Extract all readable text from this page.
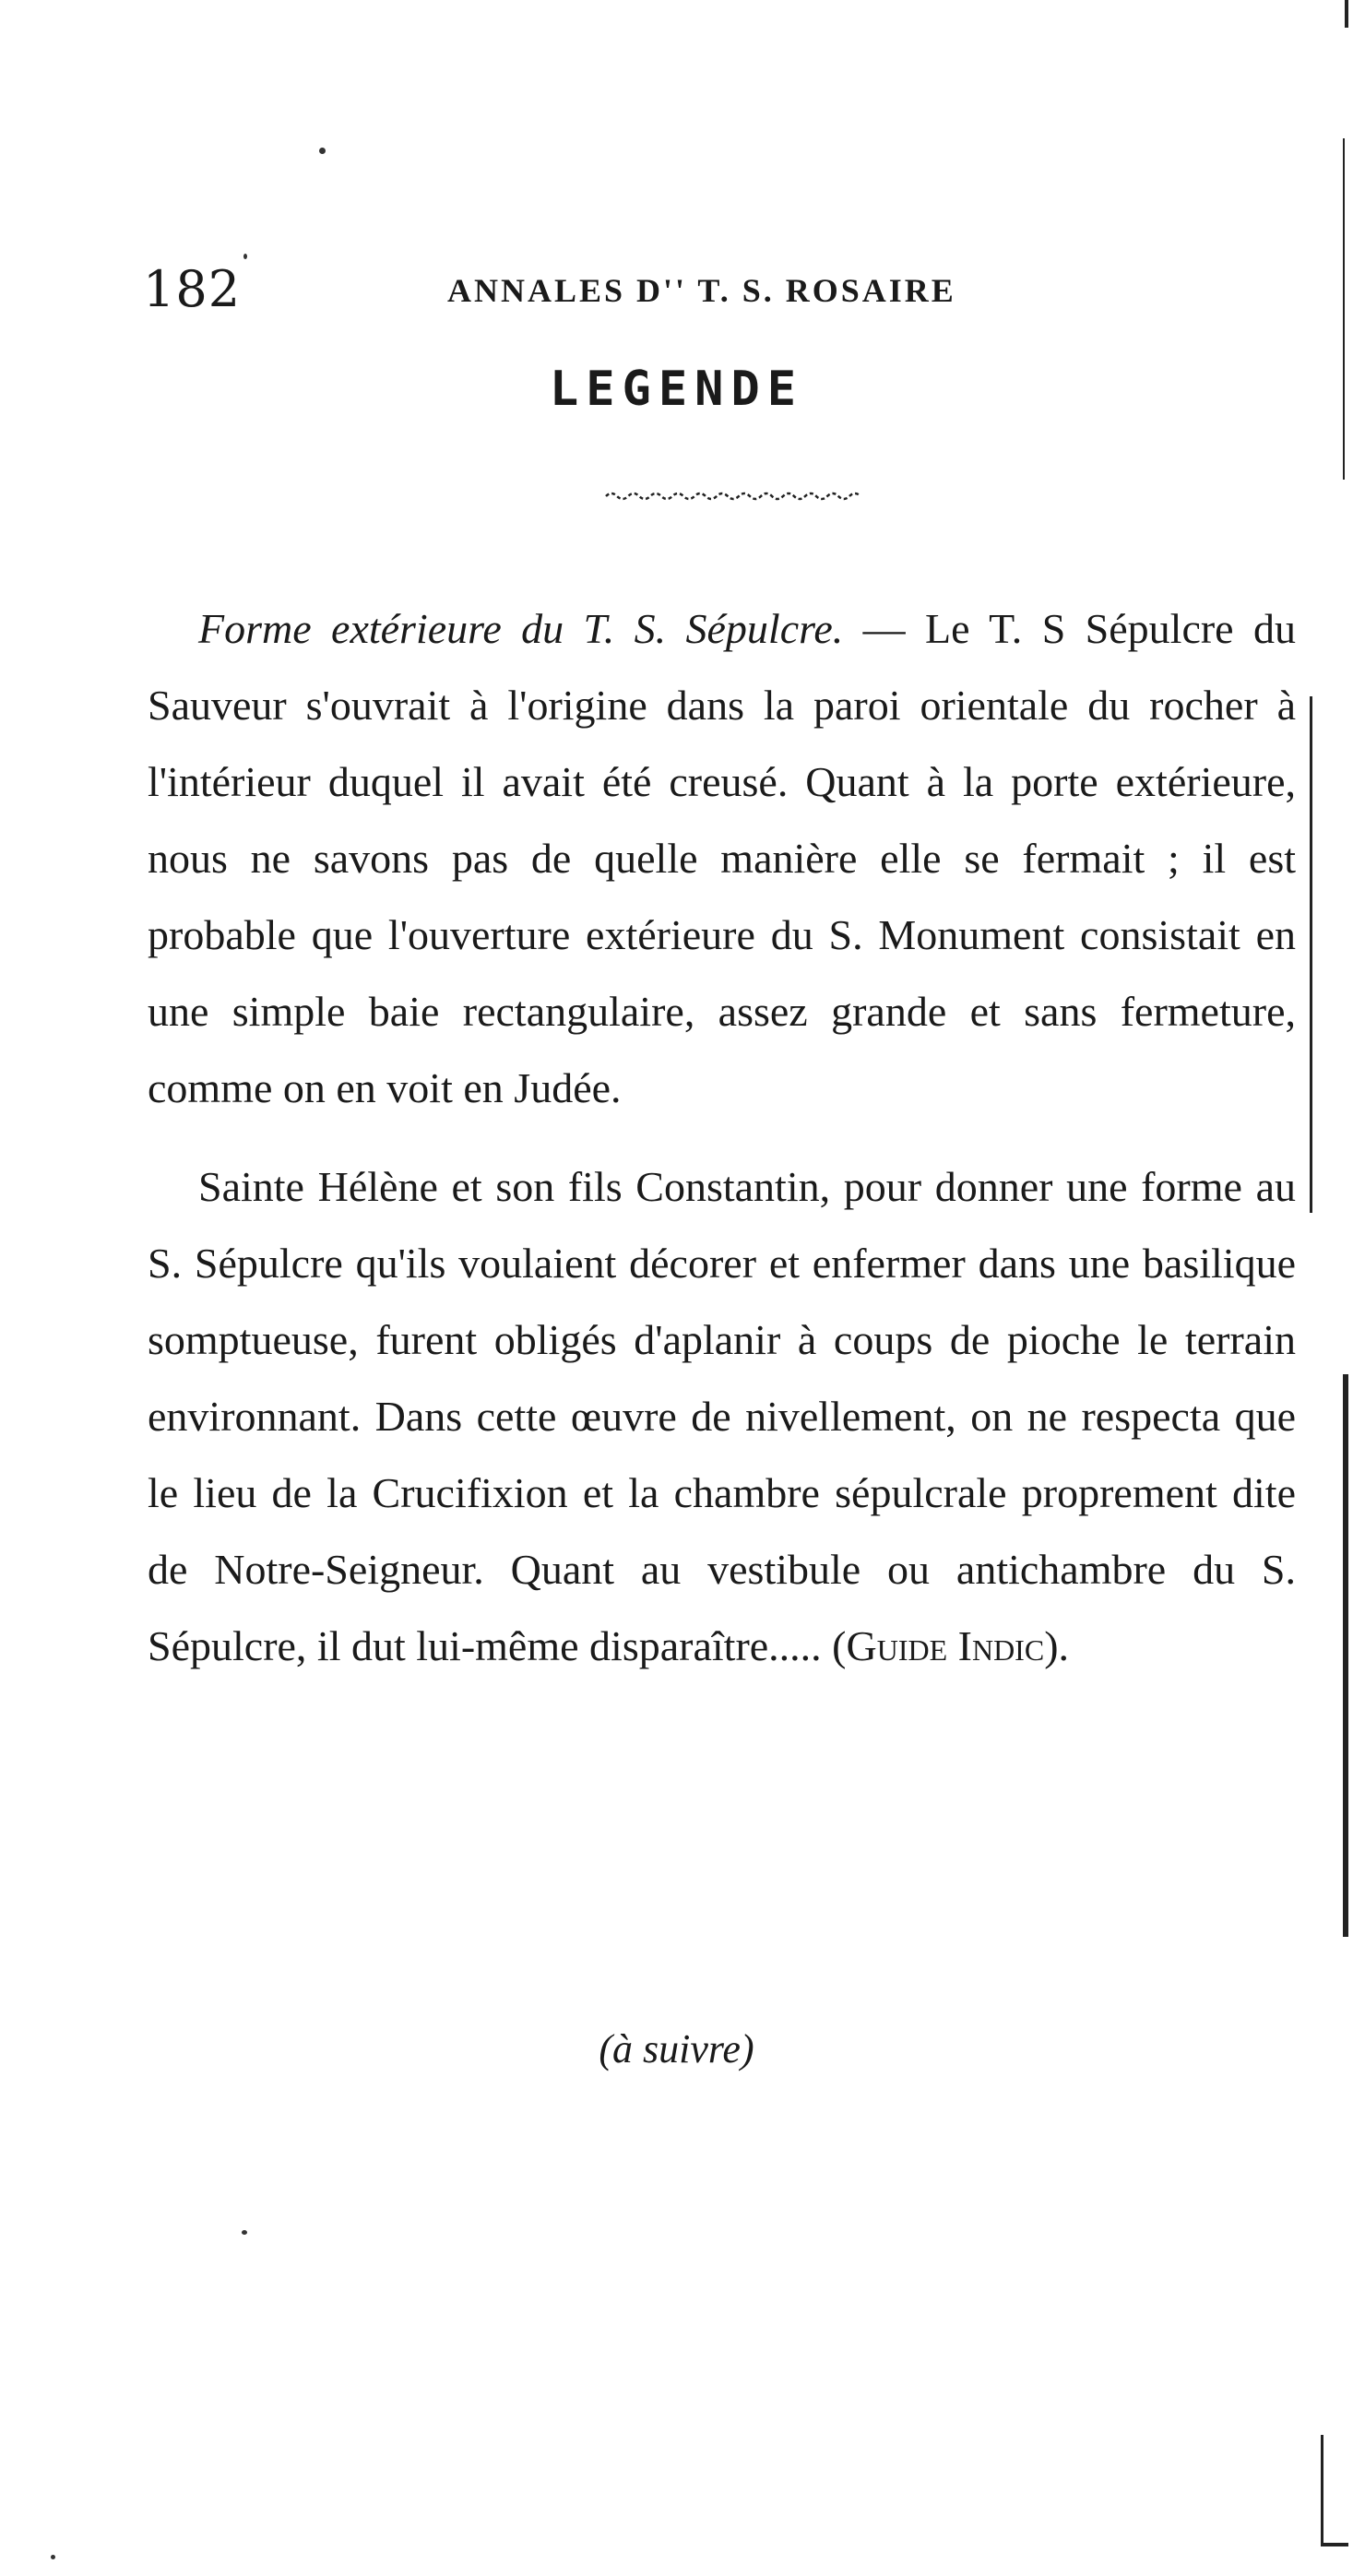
182	ANNALES D'' T. S. ROSAIRE
LEGENDE

Forme extérieure du T. S. Sépulcre. — Le T. S Sépulcre du Sauveur s'ouvrait à l'origine dans la paroi orientale du rocher à l'intérieur duquel il avait été creusé. Quant à la porte extérieure, nous ne savons pas de quelle manière elle se fermait ; il est probable que l'ouverture extérieure du S. Monument consistait en une simple baie rectangulaire, assez grande et sans fermeture, comme on en voit en Judée.

Sainte Hélène et son fils Constantin, pour donner une forme au S. Sépulcre qu'ils voulaient décorer et enfermer dans une basilique somptueuse, furent obligés d'aplanir à coups de pioche le terrain environnant. Dans cette œuvre de nivellement, on ne respecta que le lieu de la Crucifixion et la chambre sépulcrale proprement dite de Notre-Seigneur. Quant au vestibule ou antichambre du S. Sépulcre, il dut lui-même disparaître..... (Guide Indic).

(à suivre)
